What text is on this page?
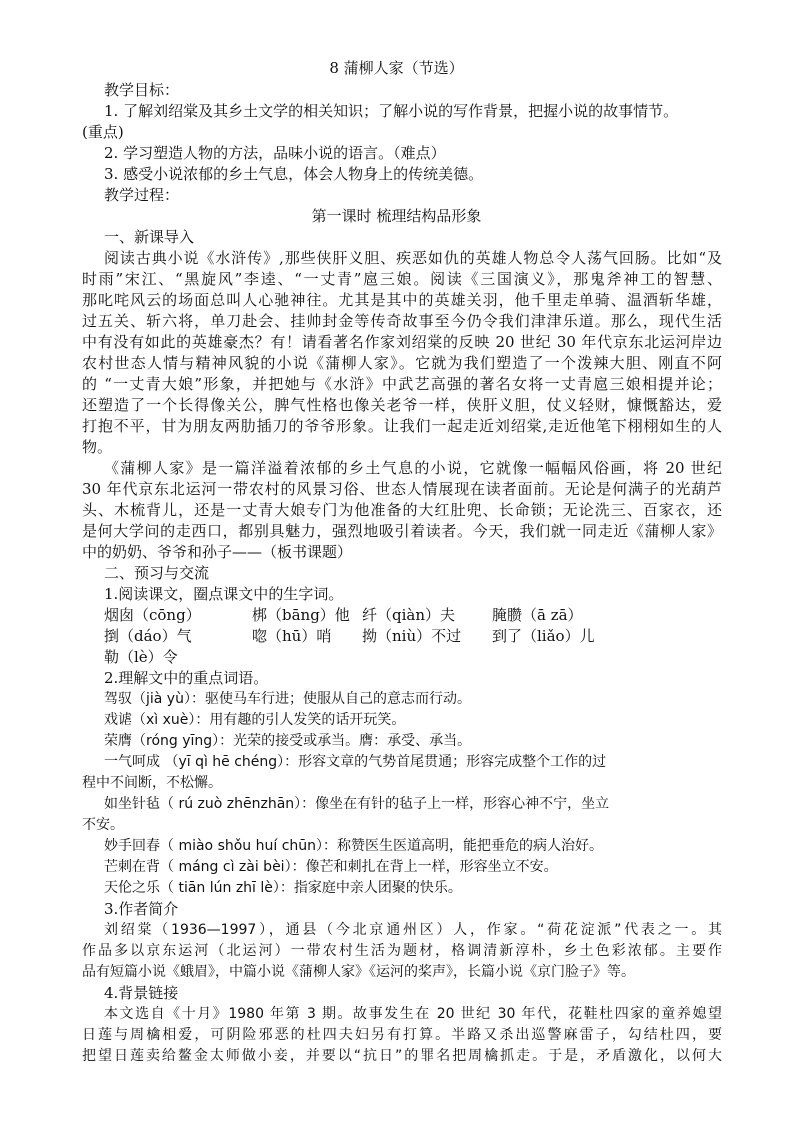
8 蒲柳人家（节选）
教学目标：
1. 了解刘绍棠及其乡土文学的相关知识；了解小说的写作背景，把握小说的故事情节。
(重点)
2. 学习塑造人物的方法，品味小说的语言。（难点）
3. 感受小说浓郁的乡土气息，体会人物身上的传统美德。
教学过程：
第一课时 梳理结构品形象
一、新课导入
阅读古典小说《水浒传》,那些侠肝义胆、疾恶如仇的英雄人物总令人荡气回肠。比如“及
时雨”宋江、“黑旋风”李逵、“一丈青”扈三娘。阅读《三国演义》，那鬼斧神工的智慧、
那叱咤风云的场面总叫人心驰神往。尤其是其中的英雄关羽，他千里走单骑、温酒斩华雄，
过五关、斩六将，单刀赴会、挂帅封金等传奇故事至今仍令我们津津乐道。那么，现代生活
中有没有如此的英雄豪杰？有！请看著名作家刘绍棠的反映 20 世纪 30 年代京东北运河岸边
农村世态人情与精神风貌的小说《蒲柳人家》。它就为我们塑造了一个泼辣大胆、刚直不阿
的 “一丈青大娘”形象，并把她与《水浒》中武艺高强的著名女将一丈青扈三娘相提并论；
还塑造了一个长得像关公，脾气性格也像关老爷一样，侠肝义胆，仗义轻财，慷慨豁达，爱
打抱不平，甘为朋友两肋插刀的爷爷形象。让我们一起走近刘绍棠,走近他笔下栩栩如生的人
物。
《蒲柳人家》是一篇洋溢着浓郁的乡土气息的小说，它就像一幅幅风俗画，将 20 世纪
30 年代京东北运河一带农村的风景习俗、世态人情展现在读者面前。无论是何满子的光葫芦
头、木梳背儿，还是一丈青大娘专门为他准备的大红肚兜、长命锁；无论洗三、百家衣，还
是何大学问的走西口，都别具魅力，强烈地吸引着读者。今天，我们就一同走近《蒲柳人家》
中的奶奶、爷爷和孙子——（板书课题）
二、预习与交流
1.阅读课文，圈点课文中的生字词。
烟囱（cōng）	梆（bāng）他 纤（qiàn）夫	腌臜（ā zā）
捯（dáo）气	唿（hū）哨	拗（niù）不过	到了（liǎo）儿
勒（lè）令
2.理解文中的重点词语。
驾驭（jià yù）：驱使马车行进；使服从自己的意志而行动。
戏谑（xì xuè）：用有趣的引人发笑的话开玩笑。
荣膺（róng yīng）：光荣的接受或承当。膺：承受、承当。
一气呵成 （yī qì hē chéng）：形容文章的气势首尾贯通；形容完成整个工作的过
程中不间断，不松懈。
如坐针毡（ rú zuò zhēnzhān）：像坐在有针的毡子上一样，形容心神不宁，坐立
不安。
妙手回春（ miào shǒu huí chūn）：称赞医生医道高明，能把垂危的病人治好。
芒刺在背（ máng cì zài bèi）：像芒和刺扎在背上一样，形容坐立不安。
天伦之乐（ tiān lún zhī lè）：指家庭中亲人团聚的快乐。
3.作者简介
刘绍棠（1936—1997），通县（今北京通州区）人，作家。“荷花淀派”代表之一。其
作品多以京东运河（北运河）一带农村生活为题材，格调清新淳朴，乡土色彩浓郁。主要作
品有短篇小说《蛾眉》，中篇小说《蒲柳人家》《运河的桨声》，长篇小说《京门脸子》等。
4.背景链接
本文选自《十月》1980 年第 3 期。故事发生在 20 世纪 30 年代，花鞋杜四家的童养媳望
日莲与周檎相爱，可阴险邪恶的杜四夫妇另有打算。半路又杀出巡警麻雷子，勾结杜四，要
把望日莲卖给鳌金太师做小妾，并要以“抗日”的罪名把周檎抓走。于是，矛盾激化，以何大
